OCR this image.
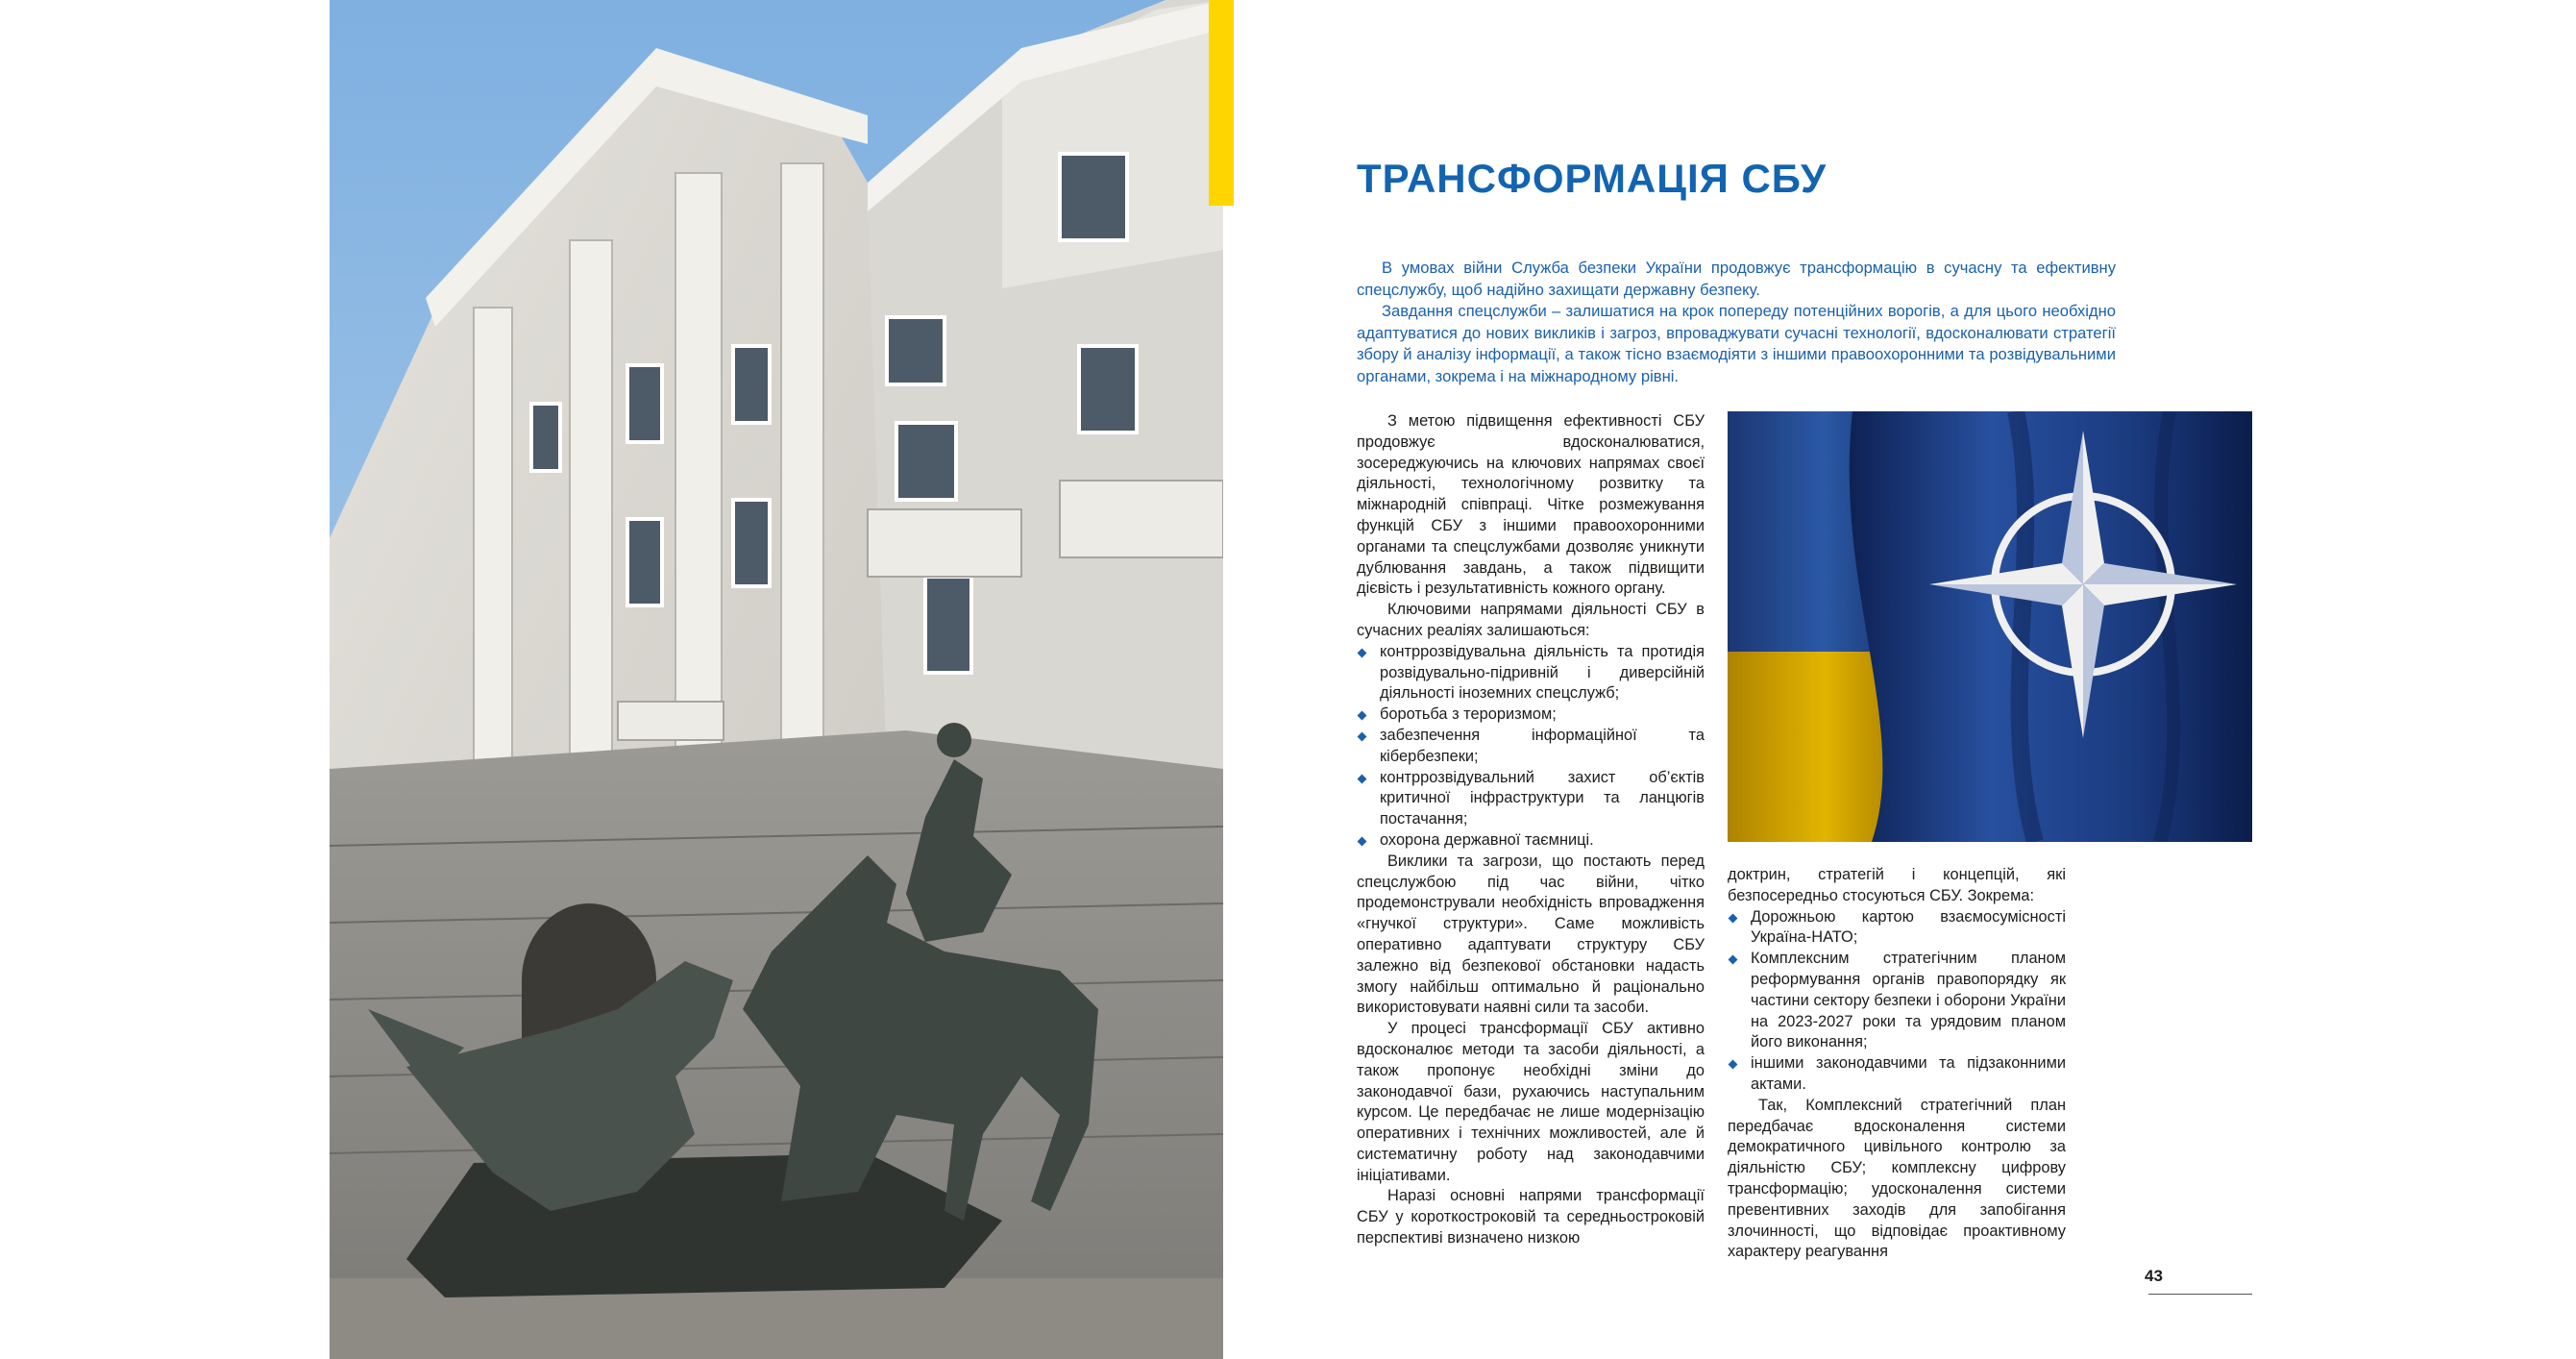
ТРАНСФОРМАЦІЯ СБУ

В умовах війни Служба безпеки України продовжує трансформацію в сучасну та ефективну спецслужбу, щоб надійно захищати державну безпеку.

Завдання спецслужби – залишатися на крок попереду потенційних ворогів, а для цього необхідно адаптуватися до нових викликів і загроз, впроваджувати сучасні технології, вдосконалювати стратегії збору й аналізу інформації, а також тісно взаємодіяти з іншими правоохоронними та розвідувальними органами, зокрема і на міжнародному рівні.

З метою підвищення ефективності СБУ продовжує вдосконалюватися, зосереджуючись на ключових напрямах своєї діяльності, технологічному розвитку та міжнародній співпраці. Чітке розмежування функцій СБУ з іншими правоохоронними органами та спецслужбами дозволяє уникнути дублювання завдань, а також підвищити дієвість і результативність кожного органу.

Ключовими напрямами діяльності СБУ в сучасних реаліях залишаються:

контррозвідувальна діяльність та протидія розвідувально-підривній і диверсійній діяльності іноземних спецслужб;
боротьба з тероризмом;
забезпечення інформаційної та кібербезпеки;
контррозвідувальний захист об’єктів критичної інфраструктури та ланцюгів постачання;
охорона державної таємниці.

Виклики та загрози, що постають перед спецслужбою під час війни, чітко продемонстрували необхідність впровадження «гнучкої структури». Саме можливість оперативно адаптувати структуру СБУ залежно від безпекової обстановки надасть змогу найбільш оптимально й раціонально використовувати наявні сили та засоби.

У процесі трансформації СБУ активно вдосконалює методи та засоби діяльності, а також пропонує необхідні зміни до законодавчої бази, рухаючись наступальним курсом. Це передбачає не лише модернізацію оперативних і технічних можливостей, але й систематичну роботу над законодавчими ініціативами.

Наразі основні напрями трансформації СБУ у короткостроковій та середньостроковій перспективі визначено низкою

доктрин, стратегій і концепцій, які безпосередньо стосуються СБУ. Зокрема:

Дорожньою картою взаємосумісності Україна-НАТО;
Комплексним стратегічним планом реформування органів правопорядку як частини сектору безпеки і оборони України на 2023-2027 роки та урядовим планом його виконання;
іншими законодавчими та підзаконними актами.

Так, Комплексний стратегічний план передбачає вдосконалення системи демократичного цивільного контролю за діяльністю СБУ; комплексну цифрову трансформацію; удосконалення системи превентивних заходів для запобігання злочинності, що відповідає проактивному характеру реагування

43
